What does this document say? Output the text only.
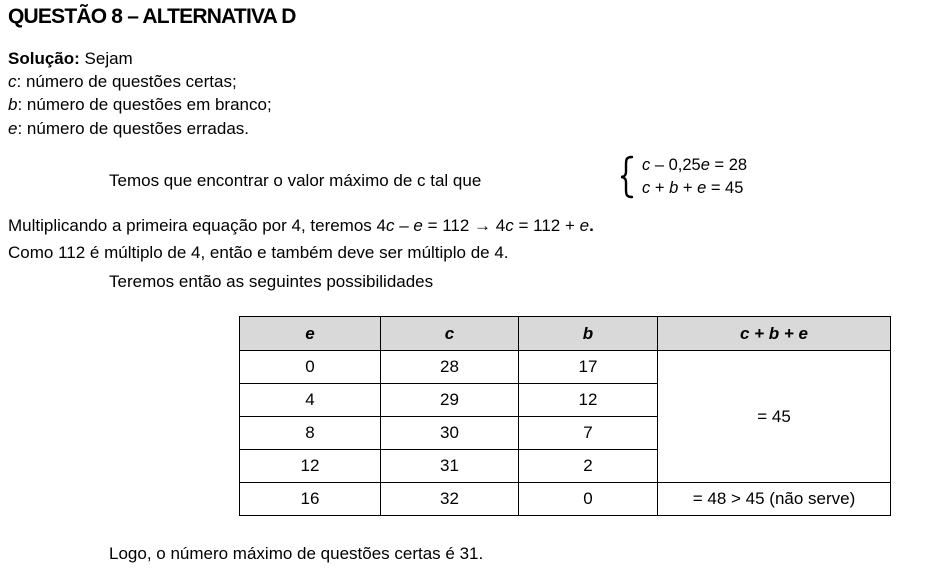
QUESTÃO 8 – ALTERNATIVA D
Solução: Sejam
c: número de questões certas;
b: número de questões em branco;
e: número de questões erradas.
Temos que encontrar o valor máximo de c tal que
c – 0,25e = 28
c + b + e = 45
Multiplicando a primeira equação por 4, teremos 4c – e = 112 → 4c = 112 + e.
Como 112 é múltiplo de 4, então e também deve ser múltiplo de 4.
Teremos então as seguintes possibilidades
e	c	b	c + b + e
0	28	17	= 45
4	29	12	
8	30	7	
12	31	2	
16	32	0	= 48 > 45 (não serve)
Logo, o número máximo de questões certas é 31.
